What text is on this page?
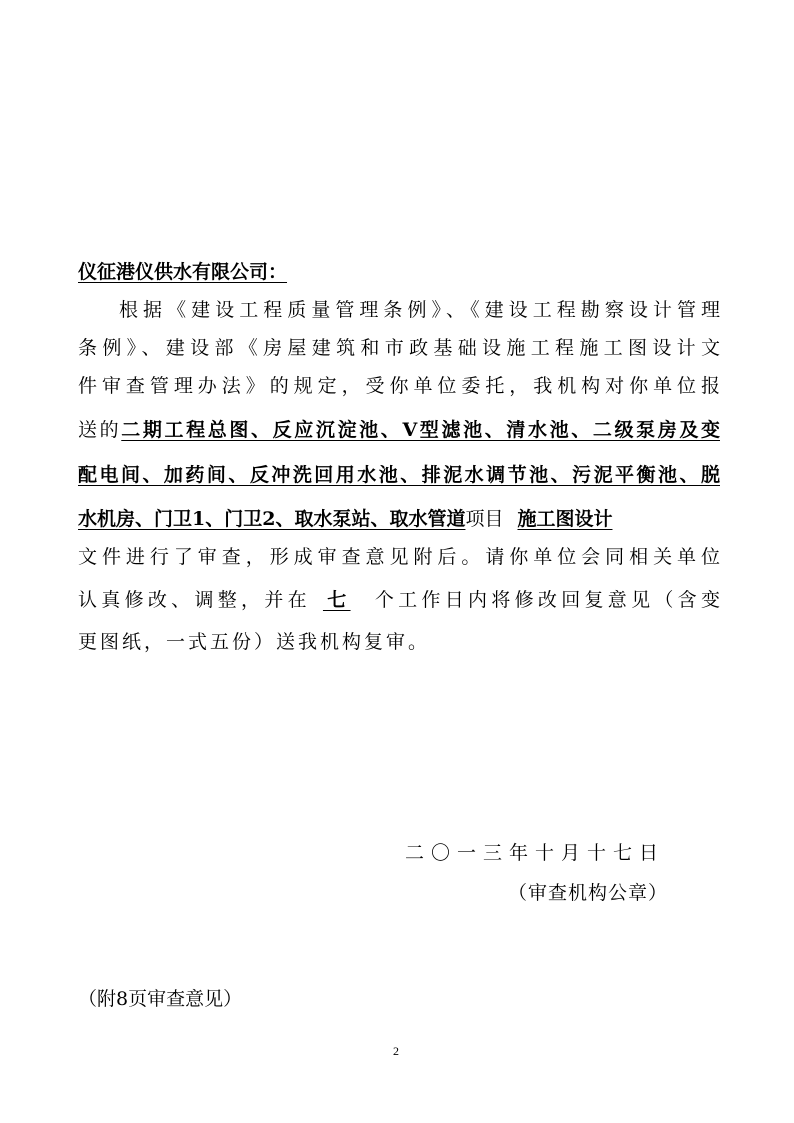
仪征港仪供水有限公司：
根据《建设工程质量管理条例》、《建设工程勘察设计管理
条例》、建设部《房屋建筑和市政基础设施工程施工图设计文
件审查管理办法》的规定，受你单位委托，我机构对你单位报
送的二期工程总图、反应沉淀池、V型滤池、清水池、二级泵房及变
配电间、加药间、反冲洗回用水池、排泥水调节池、污泥平衡池、脱
水机房、门卫1、门卫2、取水泵站、取水管道项目 施工图设计
文件进行了审查，形成审查意见附后。请你单位会同相关单位
认真修改、调整，并在 七 个工作日内将修改回复意见（含变
更图纸，一式五份）送我机构复审。
二〇一三年十月十七日
（审查机构公章）
（附8页审查意见）
2
